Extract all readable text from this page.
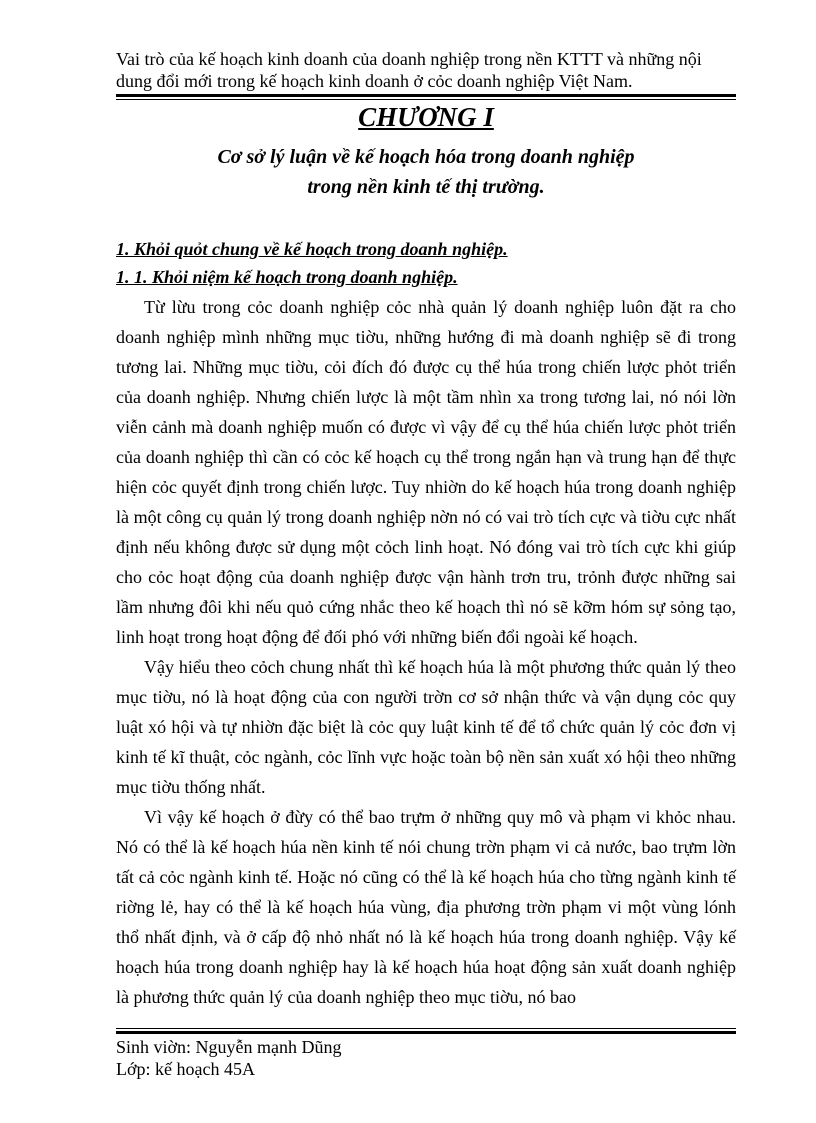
Vai trò của kế hoạch kinh doanh của doanh nghiệp trong nền KTTT và những nội
dung đổi mới trong kế hoạch kinh doanh ở cỏc doanh nghiệp Việt Nam.
CHƯƠNG I
Cơ sở lý luận về kế hoạch hóa trong doanh nghiệp
trong nền kinh tế thị trường.
1. Khỏi quỏt chung về kế hoạch trong doanh nghiệp.
1. 1. Khỏi niệm kế hoạch trong doanh nghiệp.

Từ lừu trong cỏc doanh nghiệp cỏc nhà quản lý doanh nghiệp luôn đặt ra cho doanh nghiệp mình những mục tiờu, những hướng đi mà doanh nghiệp sẽ đi trong tương lai. Những mục tiờu, cỏi đích đó được cụ thể húa trong chiến lược phỏt triển của doanh nghiệp. Nhưng chiến lược là một tầm nhìn xa trong tương lai, nó nói lờn viễn cảnh mà doanh nghiệp muốn có được vì vậy để cụ thể húa chiến lược phỏt triển của doanh nghiệp thì cần có cỏc kế hoạch cụ thể trong ngắn hạn và trung hạn để thực hiện cỏc quyết định trong chiến lược. Tuy nhiờn do kế hoạch húa trong doanh nghiệp là một công cụ quản lý trong doanh nghiệp nờn nó có vai trò tích cực và tiờu cực nhất định nếu không được sử dụng một cỏch linh hoạt. Nó đóng vai trò tích cực khi giúp cho cỏc hoạt động của doanh nghiệp được vận hành trơn tru, trỏnh được những sai lầm nhưng đôi khi nếu quỏ cứng nhắc theo kế hoạch thì nó sẽ kỡm hóm sự sỏng tạo, linh hoạt trong hoạt động để đối phó với những biến đổi ngoài kế hoạch.

Vậy hiểu theo cỏch chung nhất thì kế hoạch húa là một phương thức quản lý theo mục tiờu, nó là hoạt động của con người trờn cơ sở nhận thức và vận dụng cỏc quy luật xó hội và tự nhiờn đặc biệt là cỏc quy luật kinh tế để tổ chức quản lý cỏc đơn vị kinh tế kĩ thuật, cỏc ngành, cỏc lĩnh vực hoặc toàn bộ nền sản xuất xó hội theo những mục tiờu thống nhất.

Vì vậy kế hoạch ở đừy có thể bao trựm ở những quy mô và phạm vi khỏc nhau. Nó có thể là kế hoạch húa nền kinh tế nói chung trờn phạm vi cả nước, bao trựm lờn tất cả cỏc ngành kinh tế. Hoặc nó cũng có thể là kế hoạch húa cho từng ngành kinh tế riờng lẻ, hay có thể là kế hoạch húa vùng, địa phương trờn phạm vi một vùng lónh thổ nhất định, và ở cấp độ nhỏ nhất nó là kế hoạch húa trong doanh nghiệp. Vậy kế hoạch húa trong doanh nghiệp hay là kế hoạch húa hoạt động sản xuất doanh nghiệp là phương thức quản lý của doanh nghiệp theo mục tiờu, nó bao

Sinh viờn: Nguyễn mạnh Dũng
Lớp: kế hoạch 45A
